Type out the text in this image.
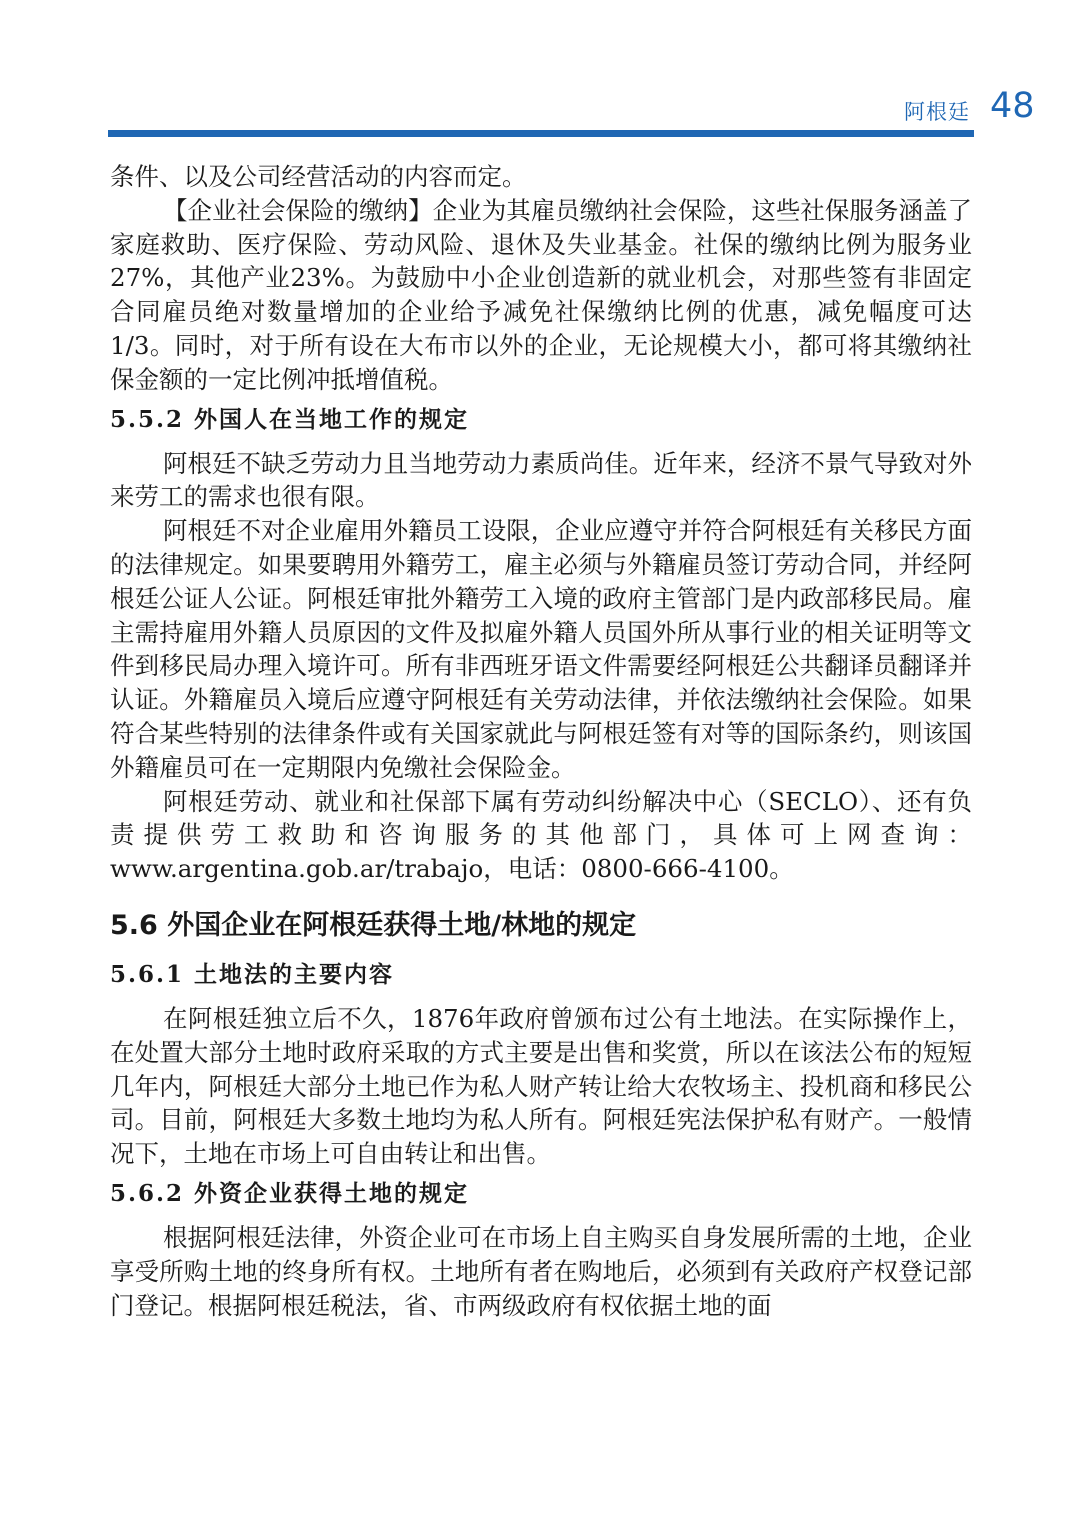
阿根廷 48

条件、以及公司经营活动的内容而定。

【企业社会保险的缴纳】企业为其雇员缴纳社会保险，这些社保服务涵盖了家庭救助、医疗保险、劳动风险、退休及失业基金。社保的缴纳比例为服务业27%，其他产业23%。为鼓励中小企业创造新的就业机会，对那些签有非固定合同雇员绝对数量增加的企业给予减免社保缴纳比例的优惠，减免幅度可达1/3。同时，对于所有设在大布市以外的企业，无论规模大小，都可将其缴纳社保金额的一定比例冲抵增值税。

5.5.2 外国人在当地工作的规定

阿根廷不缺乏劳动力且当地劳动力素质尚佳。近年来，经济不景气导致对外来劳工的需求也很有限。

阿根廷不对企业雇用外籍员工设限，企业应遵守并符合阿根廷有关移民方面的法律规定。如果要聘用外籍劳工，雇主必须与外籍雇员签订劳动合同，并经阿根廷公证人公证。阿根廷审批外籍劳工入境的政府主管部门是内政部移民局。雇主需持雇用外籍人员原因的文件及拟雇外籍人员国外所从事行业的相关证明等文件到移民局办理入境许可。所有非西班牙语文件需要经阿根廷公共翻译员翻译并认证。外籍雇员入境后应遵守阿根廷有关劳动法律，并依法缴纳社会保险。如果符合某些特别的法律条件或有关国家就此与阿根廷签有对等的国际条约，则该国外籍雇员可在一定期限内免缴社会保险金。

阿根廷劳动、就业和社保部下属有劳动纠纷解决中心（SECLO）、还有负责提供劳工救助和咨询服务的其他部门，具体可上网查询：www.argentina.gob.ar/trabajo，电话：0800-666-4100。

5.6 外国企业在阿根廷获得土地/林地的规定
5.6.1 土地法的主要内容

在阿根廷独立后不久，1876年政府曾颁布过公有土地法。在实际操作上，在处置大部分土地时政府采取的方式主要是出售和奖赏，所以在该法公布的短短几年内，阿根廷大部分土地已作为私人财产转让给大农牧场主、投机商和移民公司。目前，阿根廷大多数土地均为私人所有。阿根廷宪法保护私有财产。一般情况下，土地在市场上可自由转让和出售。

5.6.2 外资企业获得土地的规定

根据阿根廷法律，外资企业可在市场上自主购买自身发展所需的土地，企业享受所购土地的终身所有权。土地所有者在购地后，必须到有关政府产权登记部门登记。根据阿根廷税法，省、市两级政府有权依据土地的面
